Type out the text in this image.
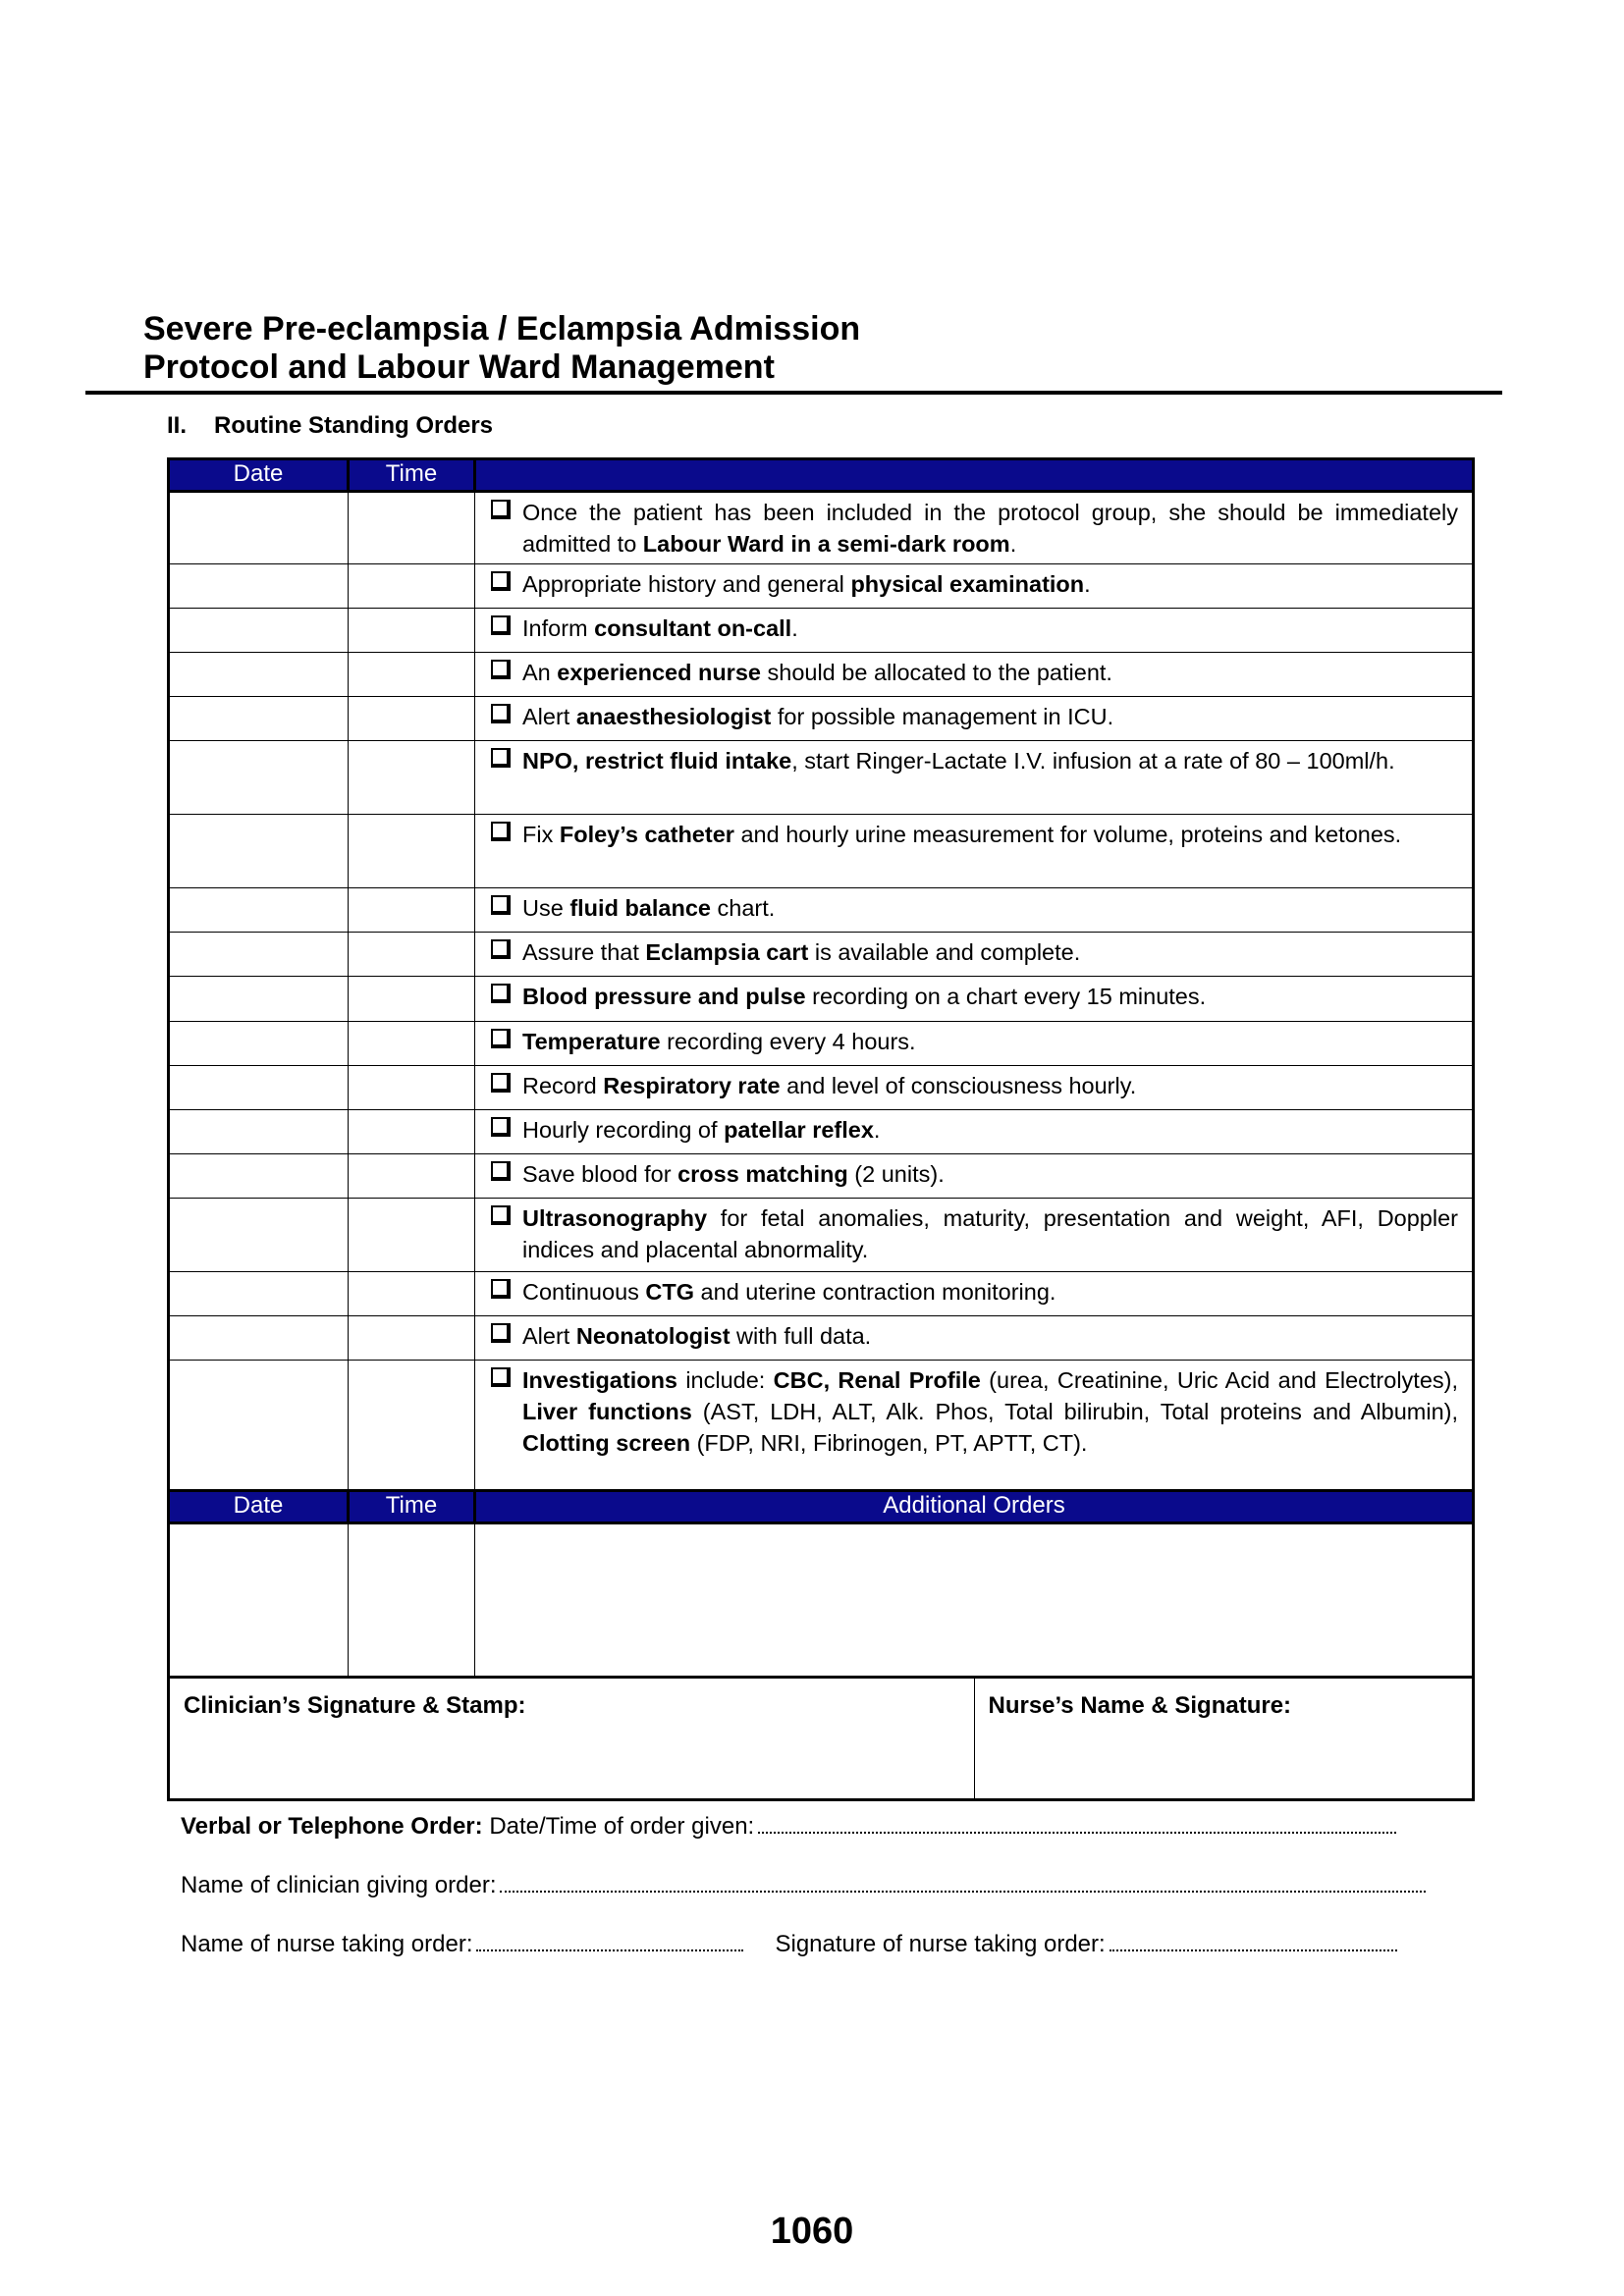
Severe Pre-eclampsia / Eclampsia Admission
Protocol and Labour Ward Management
II. Routine Standing Orders
Date	Time	

		Once the patient has been included in the protocol group, she should be immediately admitted to Labour Ward in a semi-dark room.

		Appropriate history and general physical examination.

		Inform consultant on-call.

		An experienced nurse should be allocated to the patient.

		Alert anaesthesiologist for possible management in ICU.

		NPO, restrict fluid intake, start Ringer-Lactate I.V. infusion at a rate of 80 – 100ml/h.

		Fix Foley’s catheter and hourly urine measurement for volume, proteins and ketones.

		Use fluid balance chart.

		Assure that Eclampsia cart is available and complete.

		Blood pressure and pulse recording on a chart every 15 minutes.

		Temperature recording every 4 hours.

		Record Respiratory rate and level of consciousness hourly.

		Hourly recording of patellar reflex.

		Save blood for cross matching (2 units).

		Ultrasonography for fetal anomalies, maturity, presentation and weight, AFI, Doppler indices and placental abnormality.

		Continuous CTG and uterine contraction monitoring.

		Alert Neonatologist with full data.

		Investigations include: CBC, Renal Profile (urea, Creatinine, Uric Acid and Electrolytes), Liver functions (AST, LDH, ALT, Alk. Phos, Total bilirubin, Total proteins and Albumin), Clotting screen (FDP, NRI, Fibrinogen, PT, APTT, CT).
Date	Time	Additional Orders	

Clinician’s Signature & Stamp:			Nurse’s Name & Signature:
Verbal or Telephone Order:
Date/Time of order given:
Name of clinician giving order:
Name of nurse taking order:	Signature of nurse taking order:
1060
